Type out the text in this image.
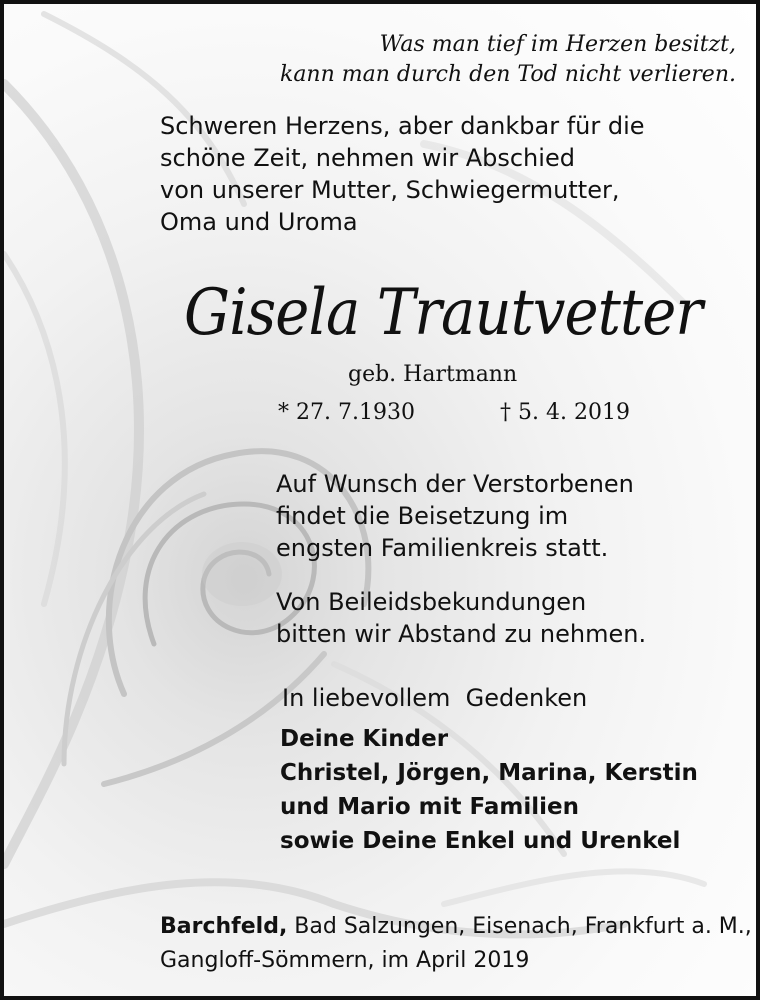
Was man tief im Herzen besitzt,
kann man durch den Tod nicht verlieren.
Schweren Herzens, aber dankbar für die
schöne Zeit, nehmen wir Abschied
von unserer Mutter, Schwiegermutter,
Oma und Uroma
Gisela Trautvetter
geb. Hartmann
* 27. 7.1930	† 5. 4. 2019
Auf Wunsch der Verstorbenen
findet die Beisetzung im
engsten Familienkreis statt.
Von Beileidsbekundungen
bitten wir Abstand zu nehmen.
In liebevollem  Gedenken
Deine Kinder
Christel, Jörgen, Marina, Kerstin
und Mario mit Familien
sowie Deine Enkel und Urenkel
Barchfeld, Bad Salzungen, Eisenach, Frankfurt a. M.,
Gangloff-Sömmern, im April 2019
